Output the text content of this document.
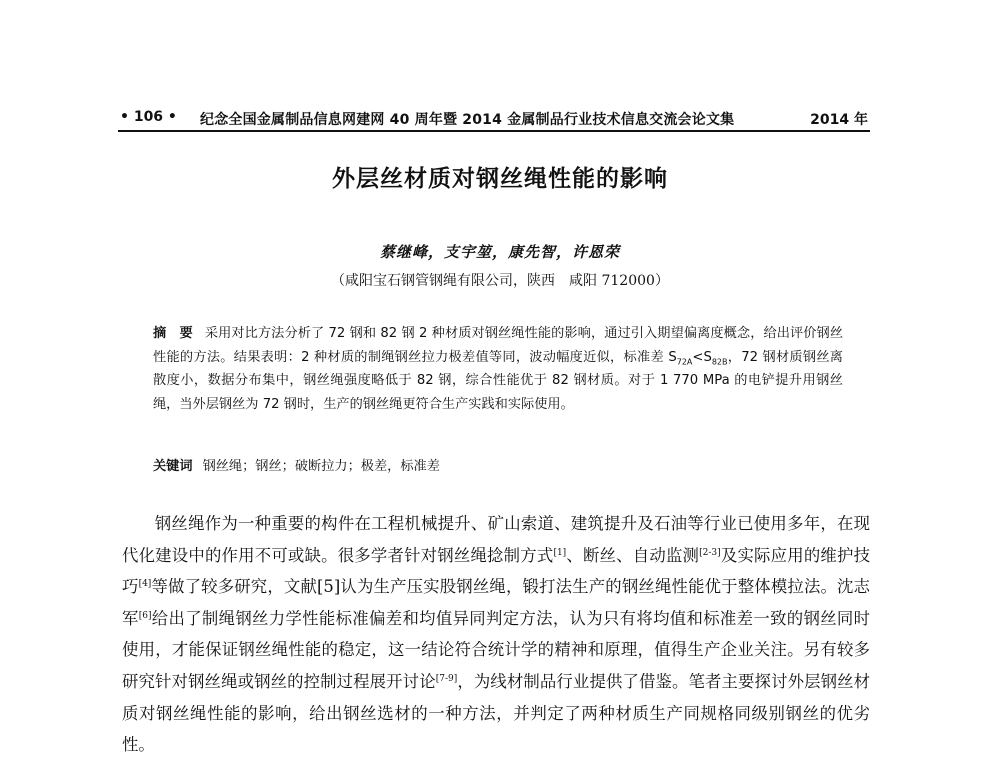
• 106 • 纪念全国金属制品信息网建网 40 周年暨 2014 金属制品行业技术信息交流会论文集	2014 年
外层丝材质对钢丝绳性能的影响
蔡继峰，支宇堃，康先智，许恩荣
（咸阳宝石钢管钢绳有限公司，陕西　咸阳 712000）
摘　要 采用对比方法分析了 72 钢和 82 钢 2 种材质对钢丝绳性能的影响，通过引入期望偏离度概念，给出评价钢丝性能的方法。结果表明：2 种材质的制绳钢丝拉力极差值等同，波动幅度近似，标准差 $S_{72A}<S_{82B}$，72 钢材质钢丝离散度小，数据分布集中，钢丝绳强度略低于 82 钢，综合性能优于 82 钢材质。对于 1 770 MPa 的电铲提升用钢丝绳，当外层钢丝为 72 钢时，生产的钢丝绳更符合生产实践和实际使用。
关键词 钢丝绳；钢丝；破断拉力；极差，标准差
钢丝绳作为一种重要的构件在工程机械提升、矿山索道、建筑提升及石油等行业已使用多年，在现代化建设中的作用不可或缺。很多学者针对钢丝绳捻制方式[1]、断丝、自动监测[2-3]及实际应用的维护技巧[4]等做了较多研究，文献[5]认为生产压实股钢丝绳，锻打法生产的钢丝绳性能优于整体模拉法。沈志军[6]给出了制绳钢丝力学性能标准偏差和均值异同判定方法，认为只有将均值和标准差一致的钢丝同时使用，才能保证钢丝绳性能的稳定，这一结论符合统计学的精神和原理，值得生产企业关注。另有较多研究针对钢丝绳或钢丝的控制过程展开讨论[7-9]，为线材制品行业提供了借鉴。笔者主要探讨外层钢丝材质对钢丝绳性能的影响，给出钢丝选材的一种方法，并判定了两种材质生产同规格同级别钢丝的优劣性。
